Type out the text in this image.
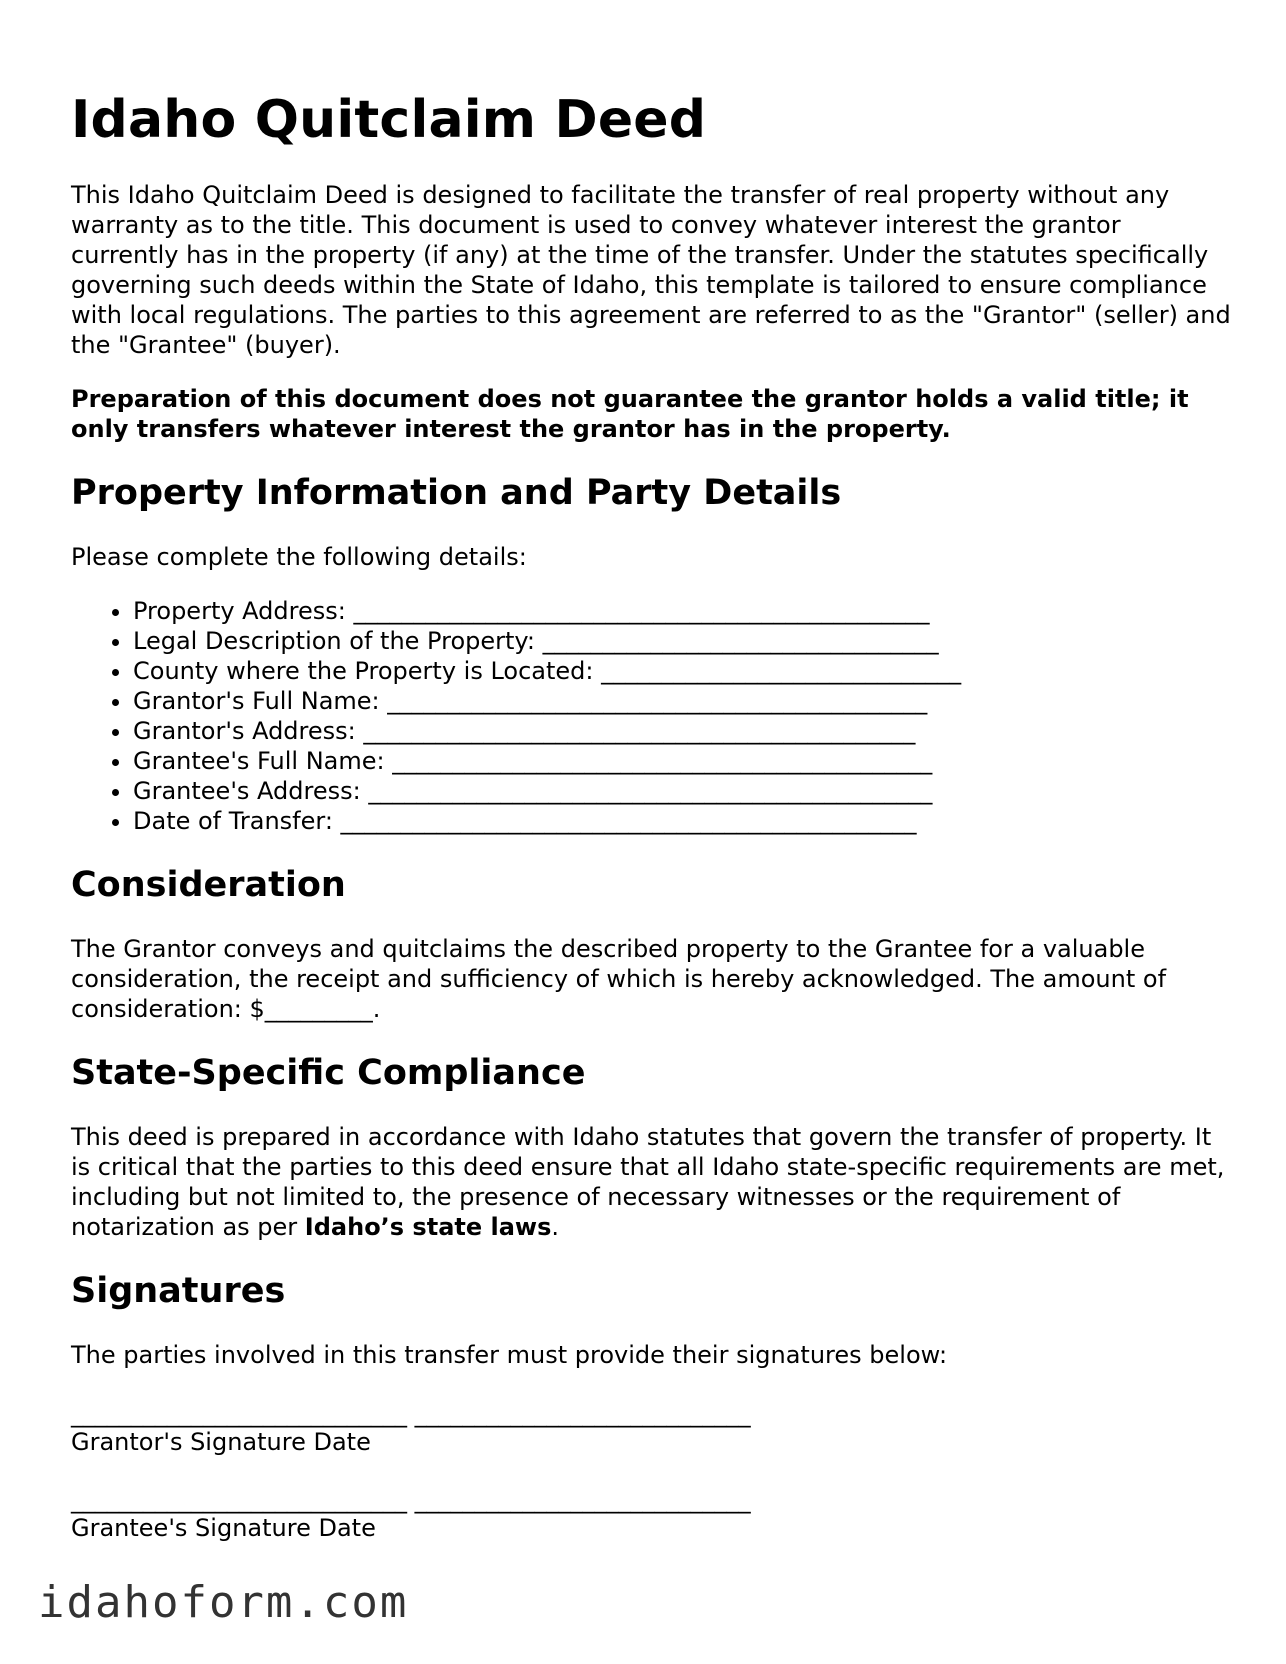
Idaho Quitclaim Deed

This Idaho Quitclaim Deed is designed to facilitate the transfer of real property without any warranty as to the title. This document is used to convey whatever interest the grantor currently has in the property (if any) at the time of the transfer. Under the statutes specifically governing such deeds within the State of Idaho, this template is tailored to ensure compliance with local regulations. The parties to this agreement are referred to as the "Grantor" (seller) and the "Grantee" (buyer).

Preparation of this document does not guarantee the grantor holds a valid title; it only transfers whatever interest the grantor has in the property.

Property Information and Party Details

Please complete the following details:

• Property Address: ________________________________________________
• Legal Description of the Property: _________________________________
• County where the Property is Located: ______________________________
• Grantor's Full Name: _____________________________________________
• Grantor's Address: ______________________________________________
• Grantee's Full Name: _____________________________________________
• Grantee's Address: _______________________________________________
• Date of Transfer: ________________________________________________
Consideration

The Grantor conveys and quitclaims the described property to the Grantee for a valuable consideration, the receipt and sufficiency of which is hereby acknowledged. The amount of consideration: $_________.

State-Specific Compliance

This deed is prepared in accordance with Idaho statutes that govern the transfer of property. It is critical that the parties to this deed ensure that all Idaho state-specific requirements are met, including but not limited to, the presence of necessary witnesses or the requirement of notarization as per Idaho’s state laws.

Signatures

The parties involved in this transfer must provide their signatures below:

____________________________ ____________________________
Grantor's Signature Date
____________________________ ____________________________
Grantee's Signature Date
idahoform.com
